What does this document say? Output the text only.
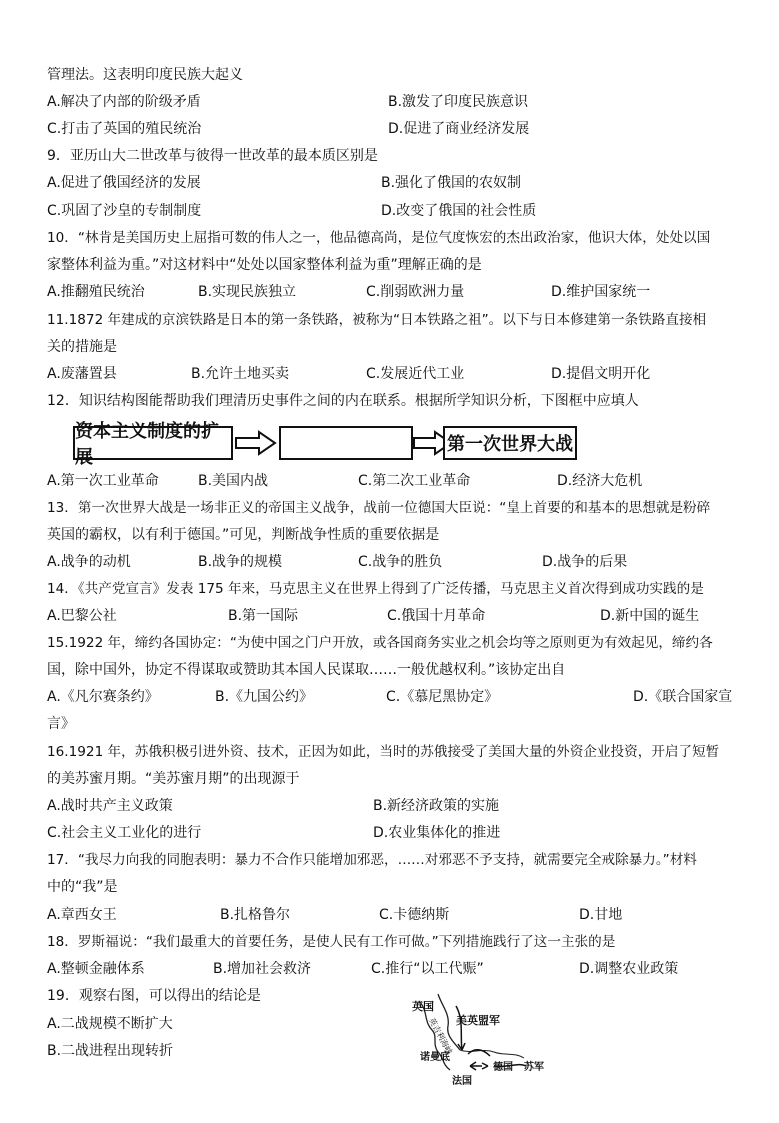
管理法。这表明印度民族大起义
A.解决了内部的阶级矛盾	B.激发了印度民族意识
C.打击了英国的殖民统治	D.促进了商业经济发展
9．亚历山大二世改革与彼得一世改革的最本质区别是
A.促进了俄国经济的发展	B.强化了俄国的农奴制
C.巩固了沙皇的专制制度	D.改变了俄国的社会性质
10．“林肯是美国历史上屈指可数的伟人之一，他品德高尚，是位气度恢宏的杰出政治家，他识大体，处处以国
家整体利益为重。”对这材料中“处处以国家整体利益为重”理解正确的是
A.推翻殖民统治	B.实现民族独立	C.削弱欧洲力量	D.维护国家统一
11.1872 年建成的京滨铁路是日本的第一条铁路，被称为“日本铁路之祖”。以下与日本修建第一条铁路直接相
关的措施是
A.废藩置县	B.允许土地买卖	C.发展近代工业	D.提倡文明开化
12．知识结构图能帮助我们理清历史事件之间的内在联系。根据所学知识分析，下图框中应填人
资本主义制度的扩展
第一次世界大战
A.第一次工业革命	B.美国内战	C.第二次工业革命	D.经济大危机
13．第一次世界大战是一场非正义的帝国主义战争，战前一位德国大臣说：“皇上首要的和基本的思想就是粉碎
英国的霸权，以有利于德国。”可见，判断战争性质的重要依据是
A.战争的动机	B.战争的规模	C.战争的胜负	D.战争的后果
14．《共产党宣言》发表 175 年来，马克思主义在世界上得到了广泛传播，马克思主义首次得到成功实践的是
A.巴黎公社	B.第一国际	C.俄国十月革命	D.新中国的诞生
15.1922 年，缔约各国协定：“为使中国之门户开放，或各国商务实业之机会均等之原则更为有效起见，缔约各
国，除中国外，协定不得谋取或赞助其本国人民谋取……一般优越权利。”该协定出自
A.《凡尔赛条约》	B.《九国公约》	C.《慕尼黑协定》	D.《联合国家宣
言》
16.1921 年，苏俄积极引进外资、技术，正因为如此，当时的苏俄接受了美国大量的外资企业投资，开启了短暂
的美苏蜜月期。“美苏蜜月期”的出现源于
A.战时共产主义政策	B.新经济政策的实施
C.社会主义工业化的进行	D.农业集体化的推进
17．“我尽力向我的同胞表明：暴力不合作只能增加邪恶，……对邪恶不予支持，就需要完全戒除暴力。”材料
中的“我”是
A.章西女王	B.扎格鲁尔	C.卡德纳斯	D.甘地
18．罗斯福说：“我们最重大的首要任务，是使人民有工作可做。”下列措施践行了这一主张的是
A.整顿金融体系	B.增加社会救济	C.推行“以工代赈”	D.调整农业政策
19．观察右图，可以得出的结论是
A.二战规模不断扩大
B.二战进程出现转折
英国
美英盟军
诺曼底
德国 苏军
法国
英吉利海峡
